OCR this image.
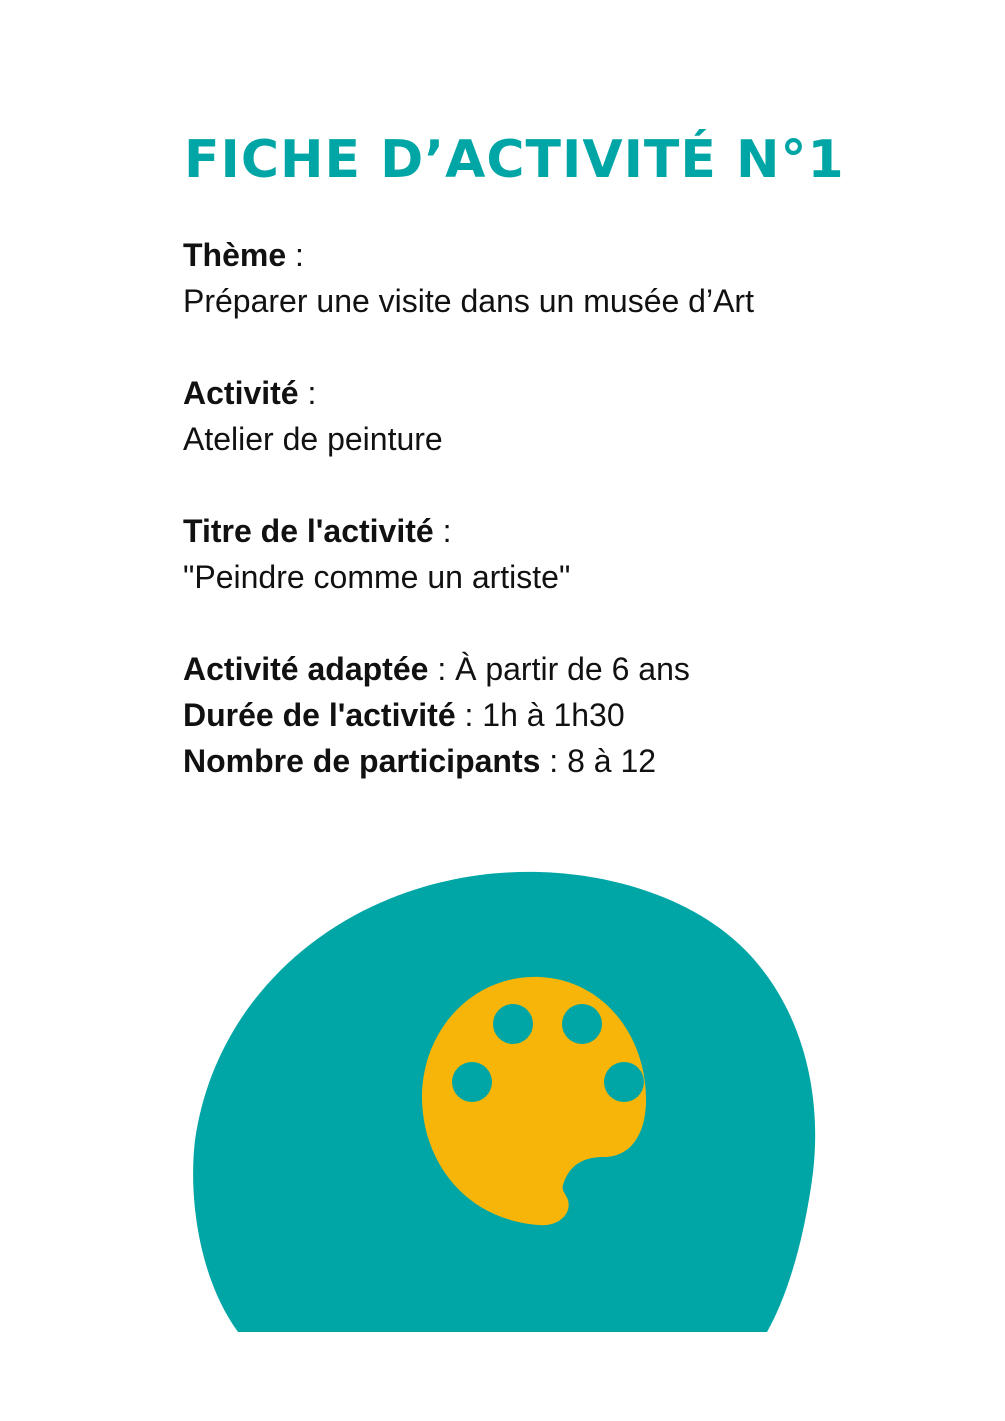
FICHE D’ACTIVITÉ N°1

Thème :

Préparer une visite dans un musée d’Art

Activité :

Atelier de peinture

Titre de l'activité :

"Peindre comme un artiste"

Activité adaptée : À partir de 6 ans

Durée de l'activité : 1h à 1h30

Nombre de participants : 8 à 12
